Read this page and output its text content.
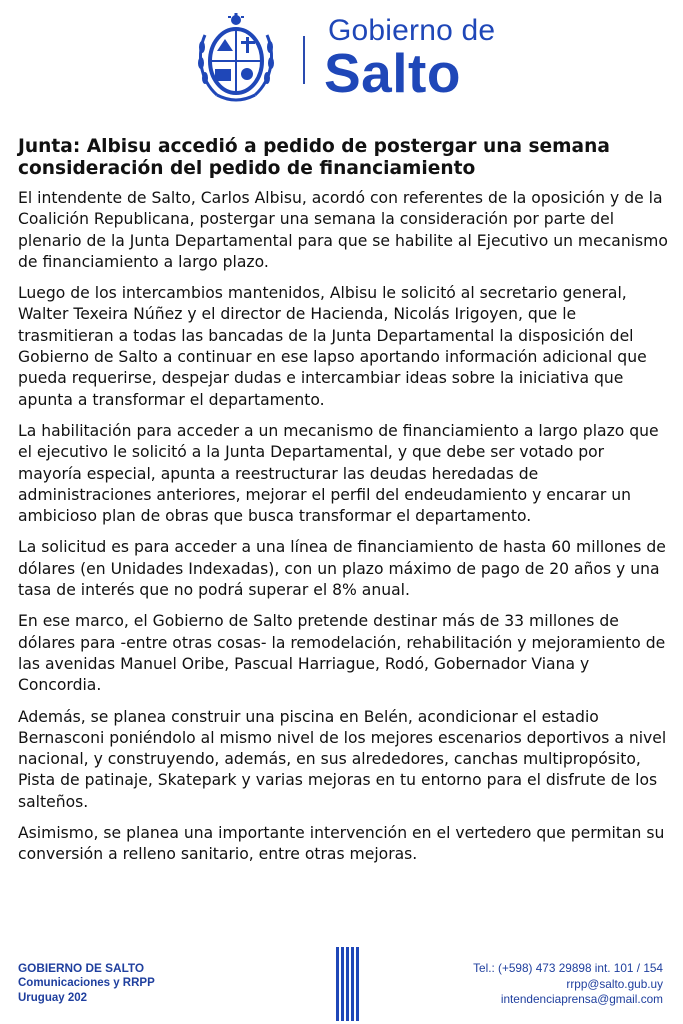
Gobierno de
Salto
Junta: Albisu accedió a pedido de postergar una semana consideración del pedido de financiamiento

El intendente de Salto, Carlos Albisu, acordó con referentes de la oposición y de la Coalición Republicana, postergar una semana la consideración por parte del plenario de la Junta Departamental para que se habilite al Ejecutivo un mecanismo de financiamiento a largo plazo.

Luego de los intercambios mantenidos, Albisu le solicitó al secretario general, Walter Texeira Núñez y el director de Hacienda, Nicolás Irigoyen, que le trasmitieran a todas las bancadas de la Junta Departamental la disposición del Gobierno de Salto a continuar en ese lapso aportando información adicional que pueda requerirse, despejar dudas e intercambiar ideas sobre la iniciativa que apunta a transformar el departamento.

La habilitación para acceder a un mecanismo de financiamiento a largo plazo que el ejecutivo le solicitó a la Junta Departamental, y que debe ser votado por mayoría especial, apunta a reestructurar las deudas heredadas de administraciones anteriores, mejorar el perfil del endeudamiento y encarar un ambicioso plan de obras que busca transformar el departamento.

La solicitud es para acceder a una línea de financiamiento de hasta 60 millones de dólares (en Unidades Indexadas), con un plazo máximo de pago de 20 años y una tasa de interés que no podrá superar el 8% anual.

En ese marco, el Gobierno de Salto pretende destinar más de 33 millones de dólares para -entre otras cosas- la remodelación, rehabilitación y mejoramiento de las avenidas Manuel Oribe, Pascual Harriague, Rodó, Gobernador Viana y Concordia.

Además, se planea construir una piscina en Belén, acondicionar el estadio Bernasconi poniéndolo al mismo nivel de los mejores escenarios deportivos a nivel nacional, y construyendo, además, en sus alrededores, canchas multipropósito, Pista de patinaje, Skatepark y varias mejoras en tu entorno para el disfrute de los salteños.

Asimismo, se planea una importante intervención en el vertedero que permitan su conversión a relleno sanitario, entre otras mejoras.

GOBIERNO DE SALTO
Comunicaciones y RRPP
Uruguay 202
Tel.: (+598) 473 29898 int. 101 / 154
rrpp@salto.gub.uy
intendenciaprensa@gmail.com
